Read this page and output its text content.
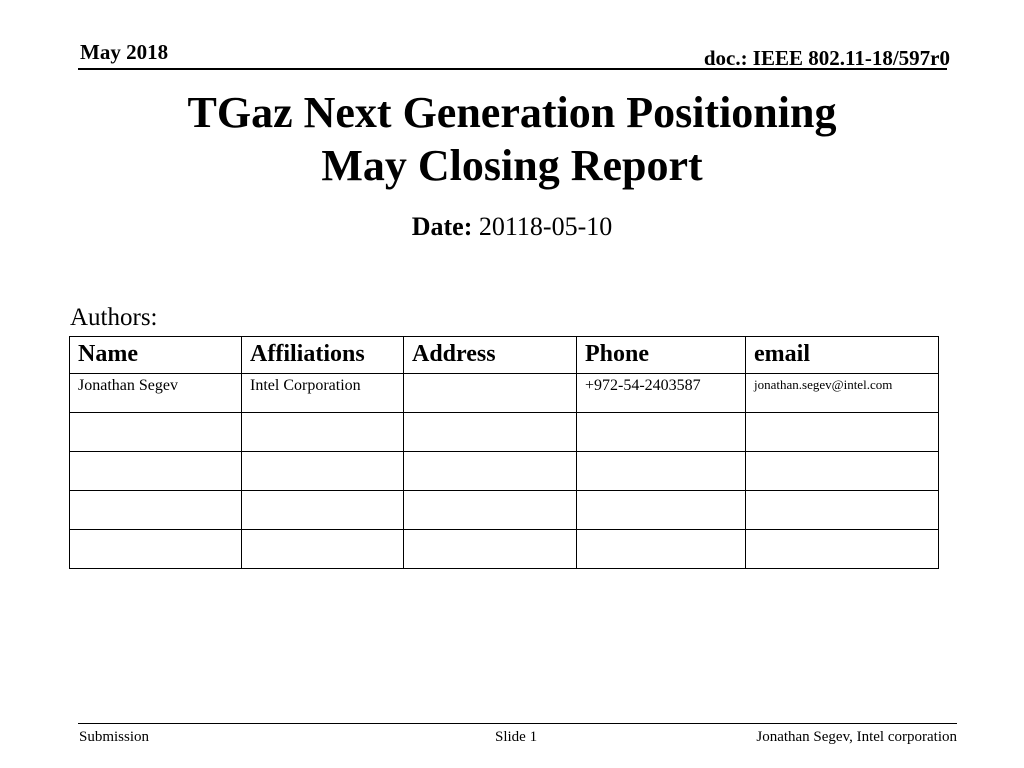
May 2018	doc.: IEEE 802.11-18/597r0
TGaz Next Generation Positioning
May Closing Report
Date: 20118-05-10
Authors:
Name	Affiliations	Address	Phone	email
Jonathan Segev	Intel Corporation		+972-54-2403587	jonathan.segev@intel.com

Submission	Slide 1	Jonathan Segev, Intel corporation
